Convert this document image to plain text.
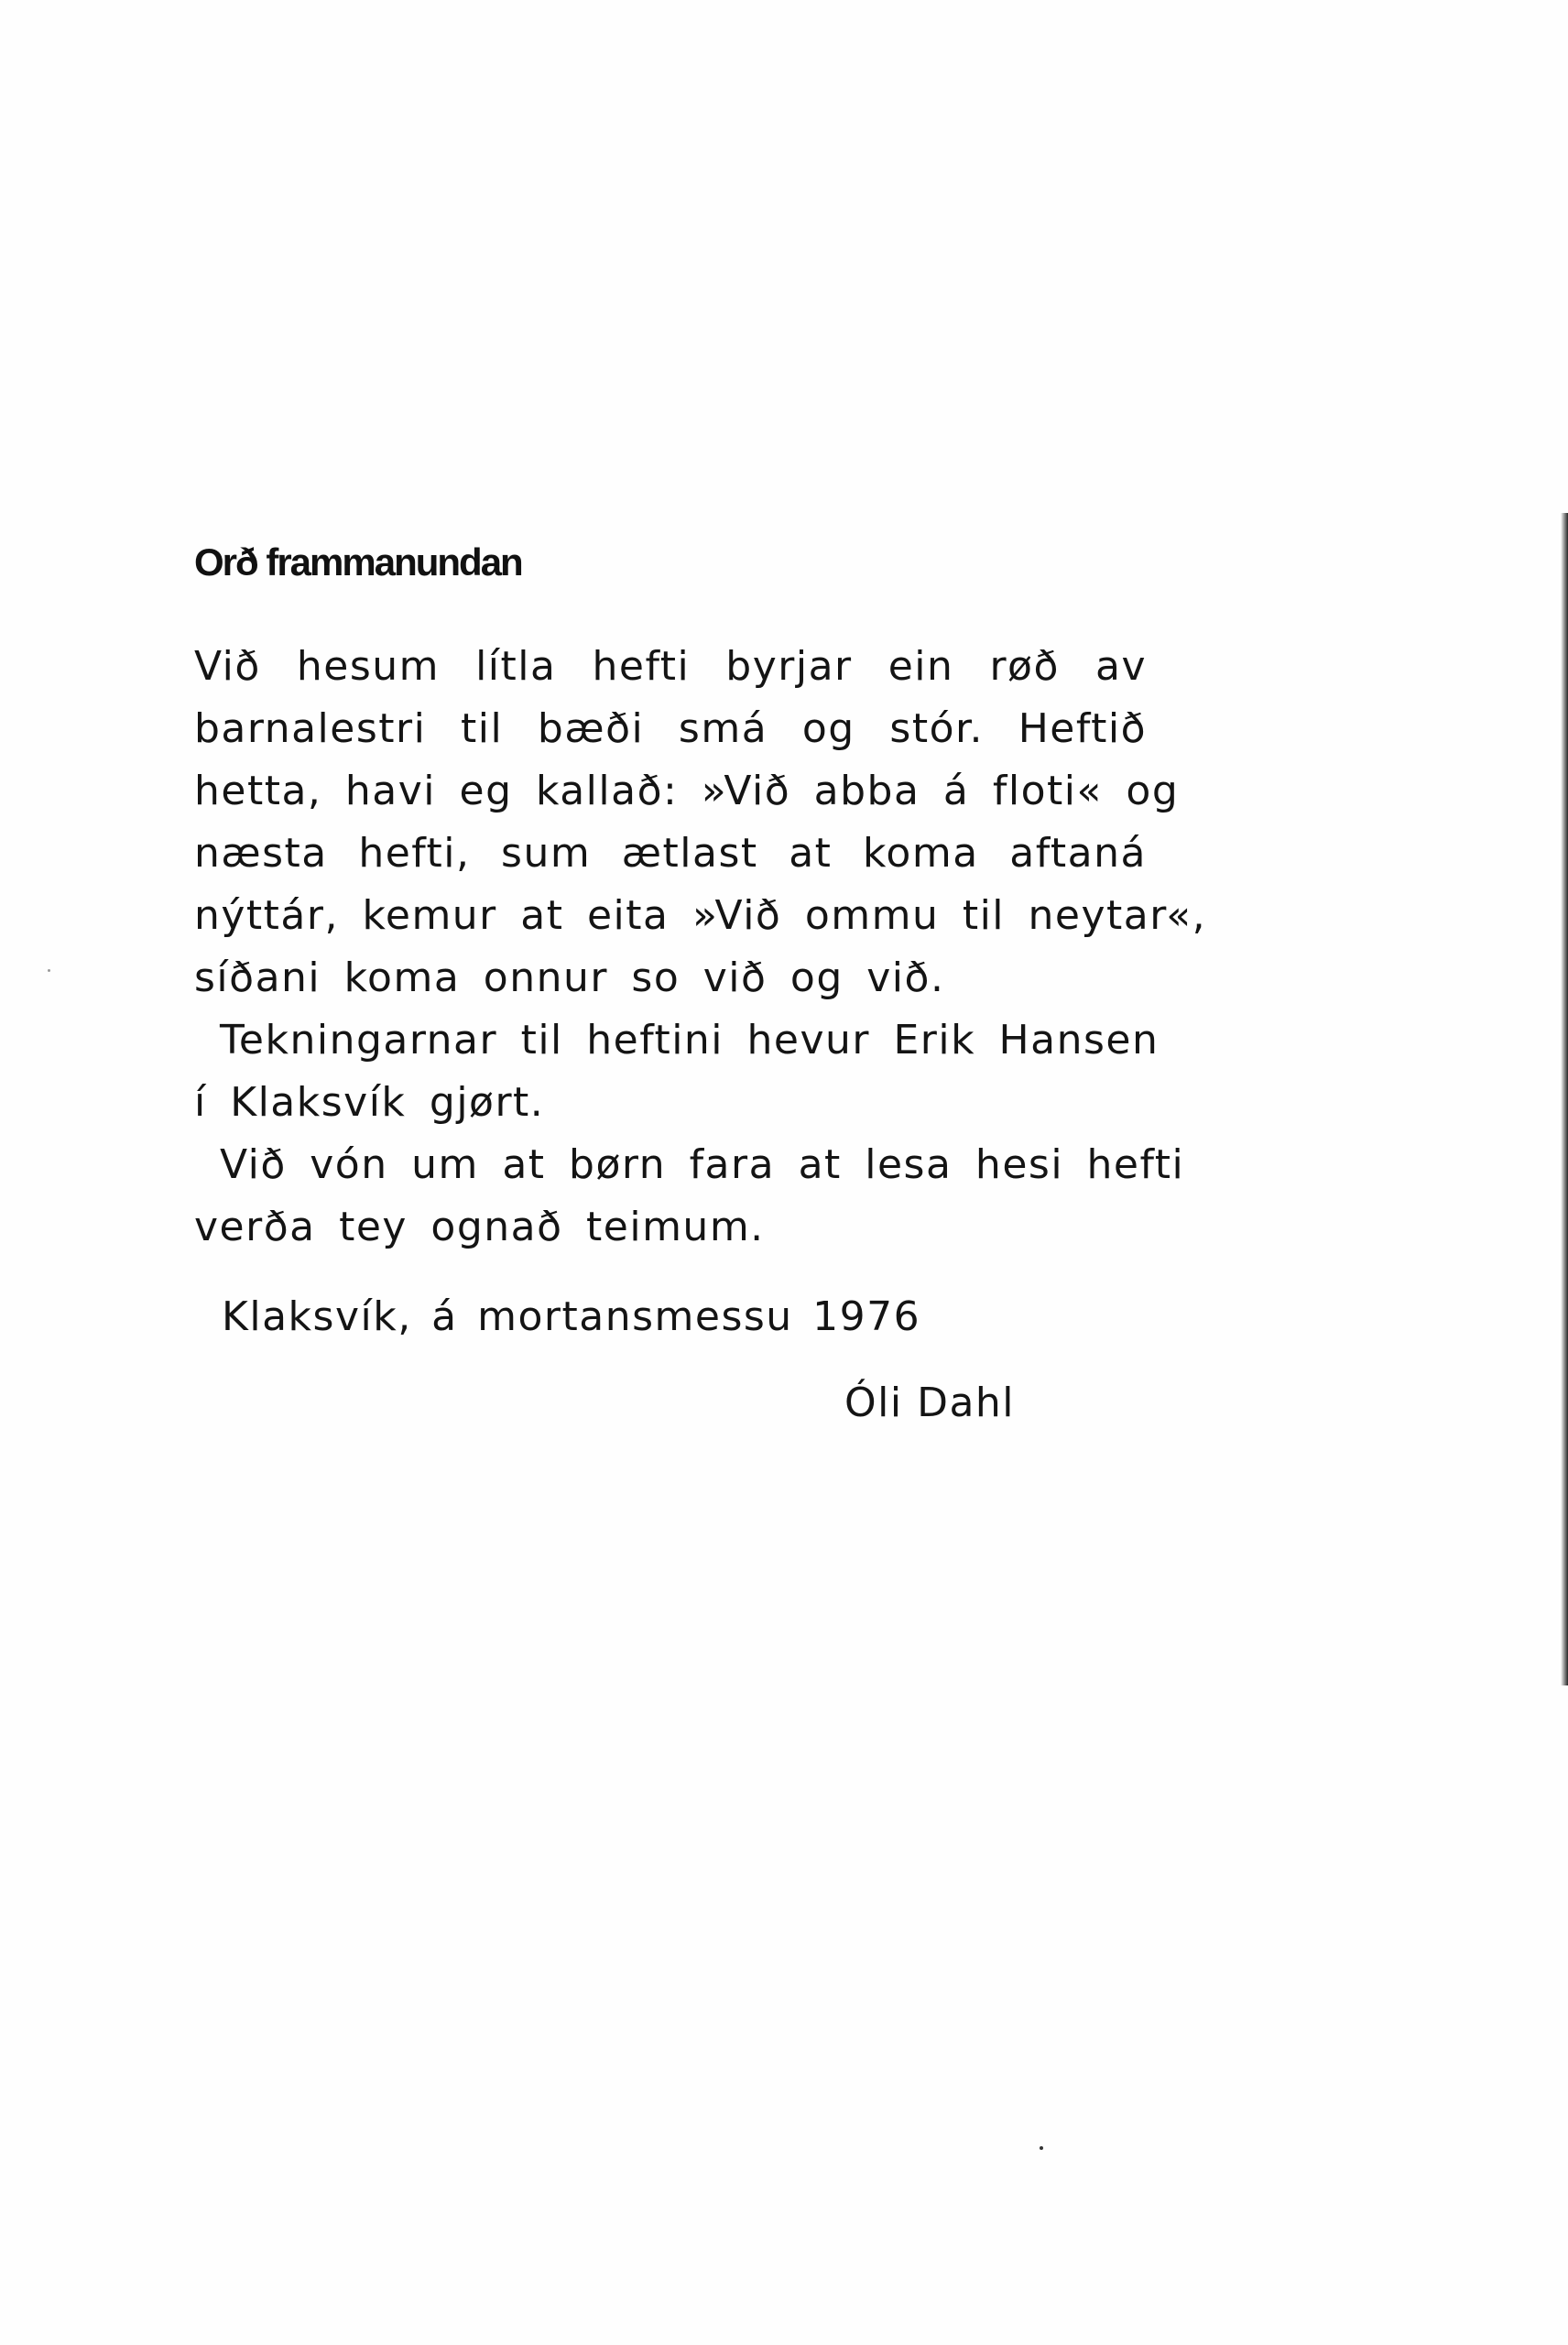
Orð frammanundan
Við hesum lítla hefti byrjar ein røð av
barnalestri til bæði smá og stór. Heftið
hetta, havi eg kallað: »Við abba á floti« og
næsta hefti, sum ætlast at koma aftaná
nýttár, kemur at eita »Við ommu til neytar«,
síðani koma onnur so við og við.
Tekningarnar til heftini hevur Erik Hansen
í Klaksvík gjørt.
Við vón um at børn fara at lesa hesi hefti
verða tey ognað teimum.
Klaksvík, á mortansmessu 1976
Óli Dahl
